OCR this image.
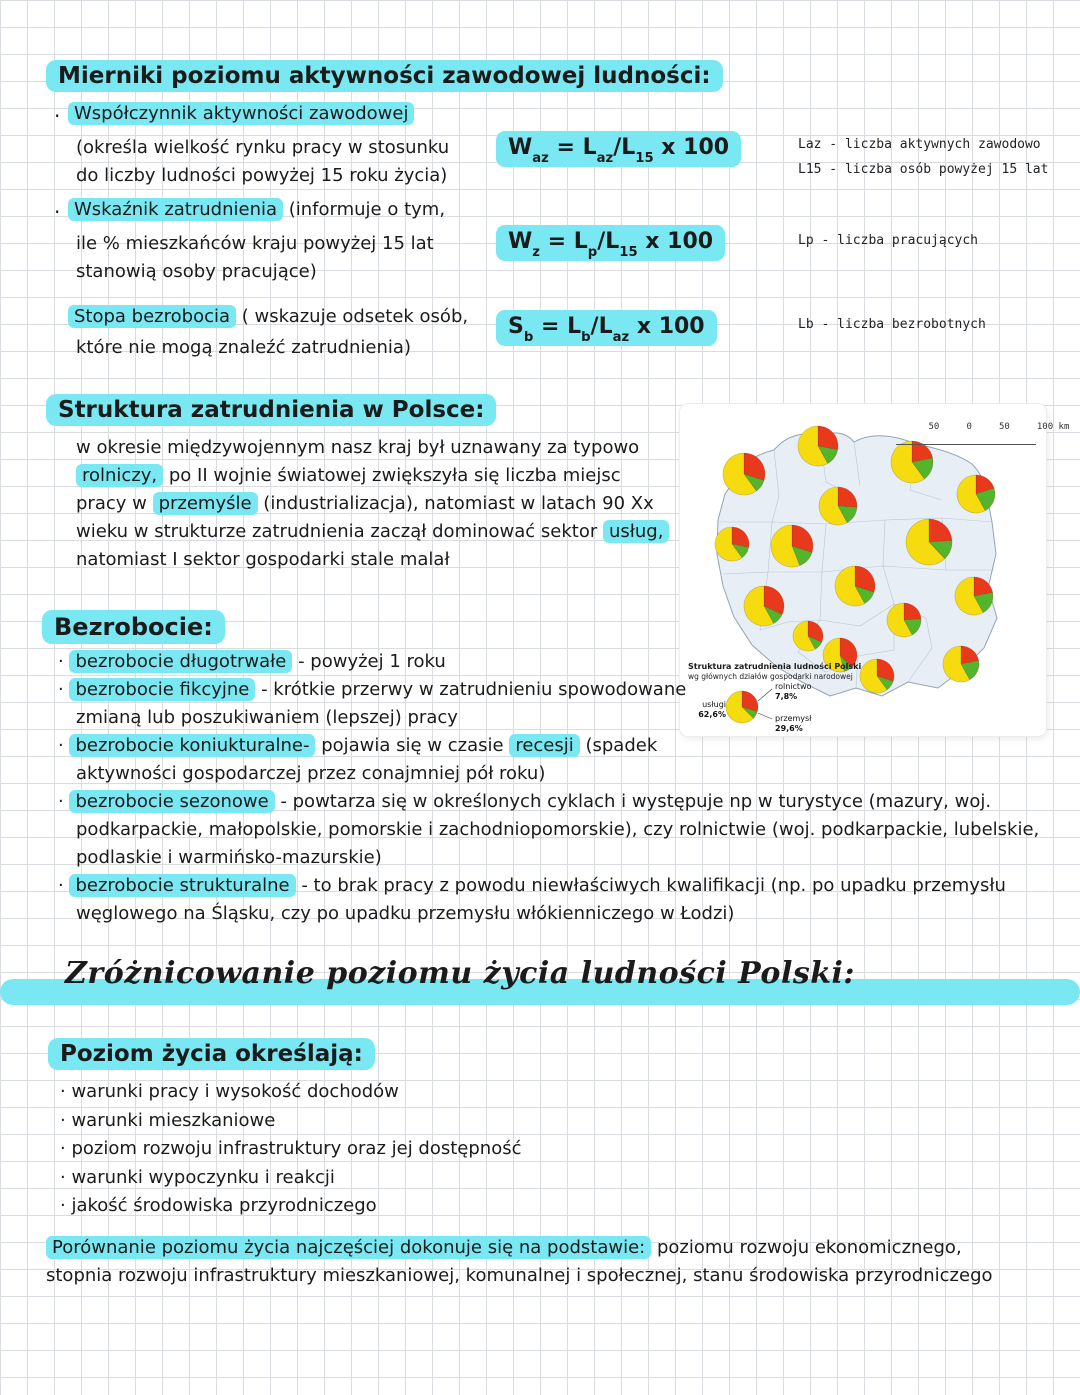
Mierniki poziomu aktywności zawodowej ludności:
· Współczynnik aktywności zawodowej
(określa wielkość rynku pracy w stosunku
do liczby ludności powyżej 15 roku życia)
$W_{az} = L_{az}/L_{15}$ x 100	Laz - liczba aktywnych zawodowo
L15 - liczba osób powyżej 15 lat
· Wskaźnik zatrudnienia (informuje o tym,
ile % mieszkańców kraju powyżej 15 lat
stanowią osoby pracujące)
$W_z = L_p/L_{15}$ x 100	Lp - liczba pracujących
Stopa bezrobocia ( wskazuje odsetek osób,
które nie mogą znaleźć zatrudnienia)
$S_b = L_b/L_{az}$ x 100	Lb - liczba bezrobotnych
Struktura zatrudnienia w Polsce:
w okresie międzywojennym nasz kraj był uznawany za typowo
rolniczy, po II wojnie światowej zwiększyła się liczba miejsc
pracy w przemyśle (industrializacja), natomiast w latach 90 Xx
wieku w strukturze zatrudnienia zaczął dominować sektor usług,
natomiast I sektor gospodarki stale malał

50     0     50     100 km

Struktura zatrudnienia ludności Polski
wg głównych działów gospodarki narodowej
usługi
62,6%
rolnictwo
7,8%
przemysł
29,6%
Bezrobocie:
· bezrobocie długotrwałe - powyżej 1 roku
· bezrobocie fikcyjne - krótkie przerwy w zatrudnieniu spowodowane
zmianą lub poszukiwaniem (lepszej) pracy
· bezrobocie koniukturalne- pojawia się w czasie recesji (spadek
aktywności gospodarczej przez conajmniej pół roku)
· bezrobocie sezonowe - powtarza się w określonych cyklach i występuje np w turystyce (mazury, woj.
podkarpackie, małopolskie, pomorskie i zachodniopomorskie), czy rolnictwie (woj. podkarpackie, lubelskie,
podlaskie i warmińsko-mazurskie)
· bezrobocie strukturalne - to brak pracy z powodu niewłaściwych kwalifikacji (np. po upadku przemysłu
węglowego na Śląsku, czy po upadku przemysłu włókienniczego w Łodzi)
Zróżnicowanie poziomu życia ludności Polski:
Poziom życia określają:
· warunki pracy i wysokość dochodów
· warunki mieszkaniowe
· poziom rozwoju infrastruktury oraz jej dostępność
· warunki wypoczynku i reakcji
· jakość środowiska przyrodniczego
Porównanie poziomu życia najczęściej dokonuje się na podstawie: poziomu rozwoju ekonomicznego,
stopnia rozwoju infrastruktury mieszkaniowej, komunalnej i społecznej, stanu środowiska przyrodniczego
